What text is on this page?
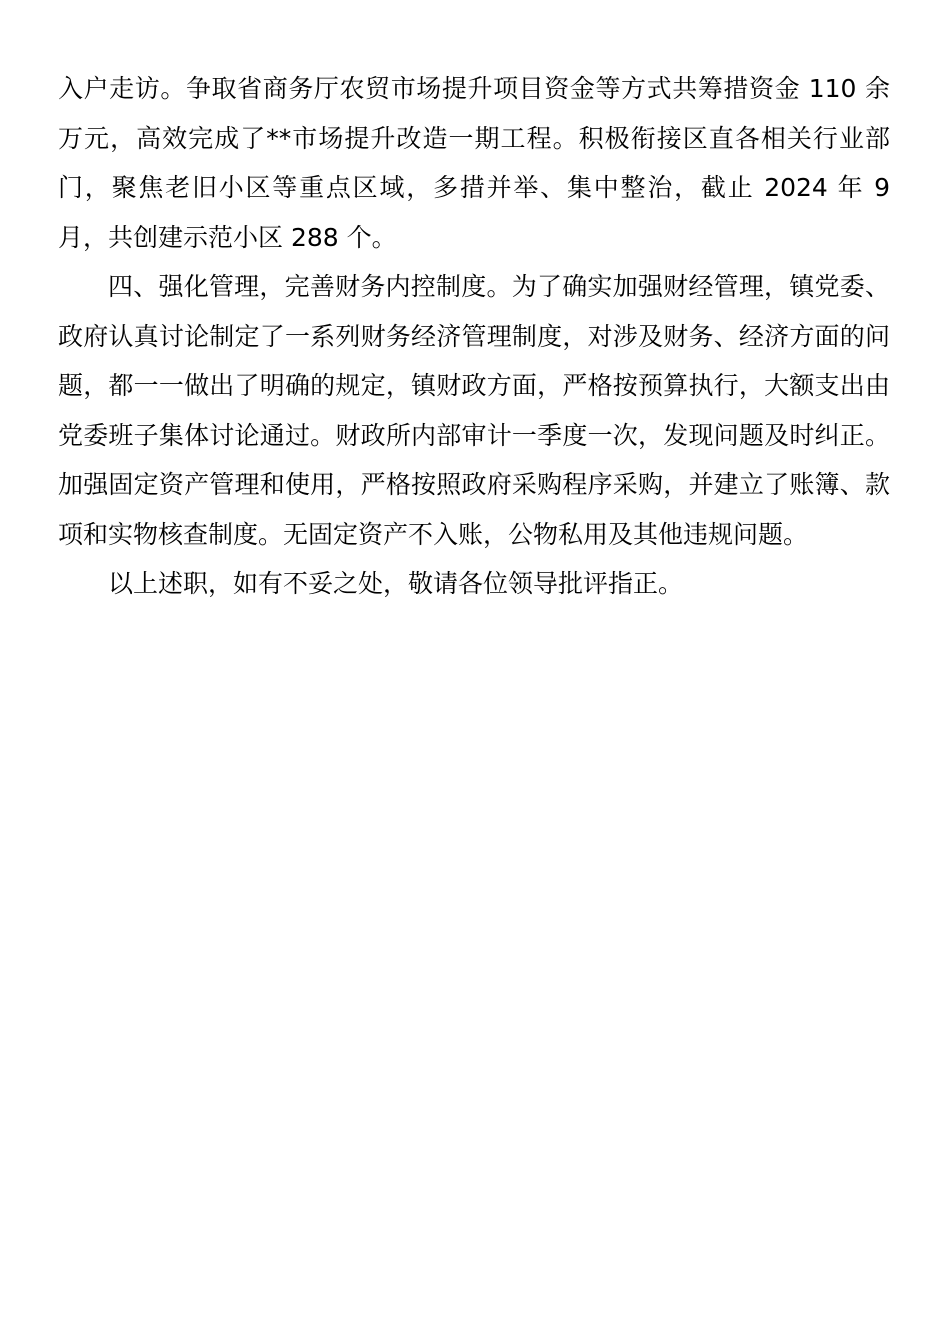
入户走访。争取省商务厅农贸市场提升项目资金等方式共筹措资金 110 余万元，高效完成了**市场提升改造一期工程。积极衔接区直各相关行业部门，聚焦老旧小区等重点区域，多措并举、集中整治，截止 2024 年 9 月，共创建示范小区 288 个。

四、强化管理，完善财务内控制度。为了确实加强财经管理，镇党委、政府认真讨论制定了一系列财务经济管理制度，对涉及财务、经济方面的问题，都一一做出了明确的规定，镇财政方面，严格按预算执行，大额支出由党委班子集体讨论通过。财政所内部审计一季度一次，发现问题及时纠正。加强固定资产管理和使用，严格按照政府采购程序采购，并建立了账簿、款项和实物核查制度。无固定资产不入账，公物私用及其他违规问题。

以上述职，如有不妥之处，敬请各位领导批评指正。
